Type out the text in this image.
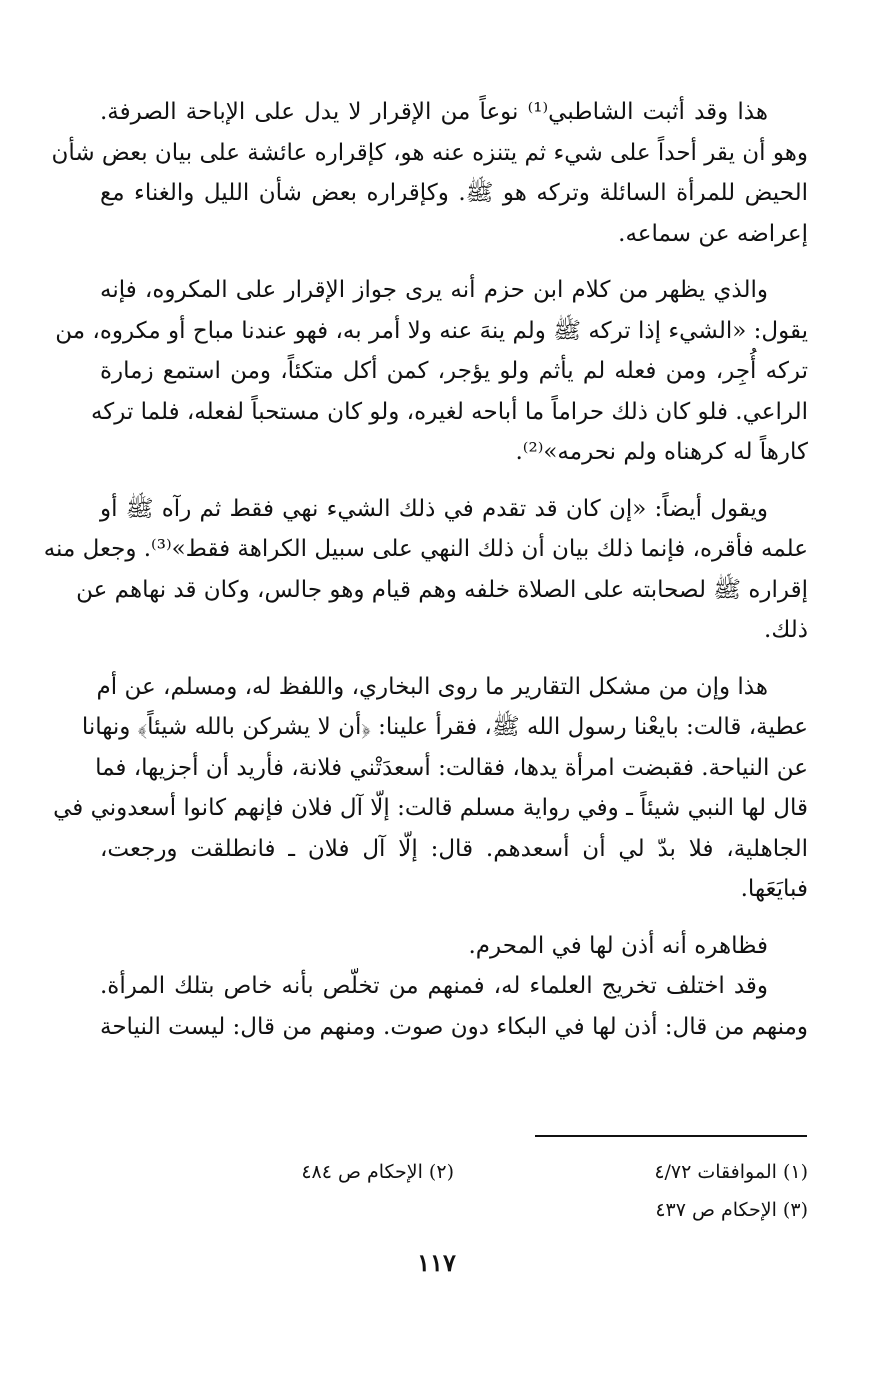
هذا وقد أثبت الشاطبي⁽¹⁾ نوعاً من الإقرار لا يدل على الإباحة الصرفة.
وهو أن يقر أحداً على شيء ثم يتنزه عنه هو، كإقراره عائشة على بيان بعض شأن
الحيض للمرأة السائلة وتركه هو ﷺ. وكإقراره بعض شأن الليل والغناء مع
إعراضه عن سماعه.
والذي يظهر من كلام ابن حزم أنه يرى جواز الإقرار على المكروه، فإنه
يقول: «الشيء إذا تركه ﷺ ولم ينهَ عنه ولا أمر به، فهو عندنا مباح أو مكروه، من
تركه أُجِر، ومن فعله لم يأثم ولو يؤجر، كمن أكل متكئاً، ومن استمع زمارة
الراعي. فلو كان ذلك حراماً ما أباحه لغيره، ولو كان مستحباً لفعله، فلما تركه
كارهاً له كرهناه ولم نحرمه»⁽²⁾.
ويقول أيضاً: «إن كان قد تقدم في ذلك الشيء نهي فقط ثم رآه ﷺ أو
علمه فأقره، فإنما ذلك بيان أن ذلك النهي على سبيل الكراهة فقط»⁽³⁾. وجعل منه
إقراره ﷺ لصحابته على الصلاة خلفه وهم قيام وهو جالس، وكان قد نهاهم عن
ذلك.
هذا وإن من مشكل التقارير ما روى البخاري، واللفظ له، ومسلم، عن أم
عطية، قالت: بايعْنا رسول الله ﷺ، فقرأ علينا: ﴿أن لا يشركن بالله شيئاً﴾ ونهانا
عن النياحة. فقبضت امرأة يدها، فقالت: أسعدَتْني فلانة، فأريد أن أجزيها، فما
قال لها النبي شيئاً ـ وفي رواية مسلم قالت: إلّا آل فلان فإنهم كانوا أسعدوني في
الجاهلية، فلا بدّ لي أن أسعدهم. قال: إلّا آل فلان ـ فانطلقت ورجعت،
فبايَعَها.
فظاهره أنه أذن لها في المحرم.
وقد اختلف تخريج العلماء له، فمنهم من تخلّص بأنه خاص بتلك المرأة.
ومنهم من قال: أذن لها في البكاء دون صوت. ومنهم من قال: ليست النياحة
(١) الموافقات ٤/٧٢
(٢) الإحكام ص ٤٨٤
(٣) الإحكام ص ٤٣٧
١١٧
